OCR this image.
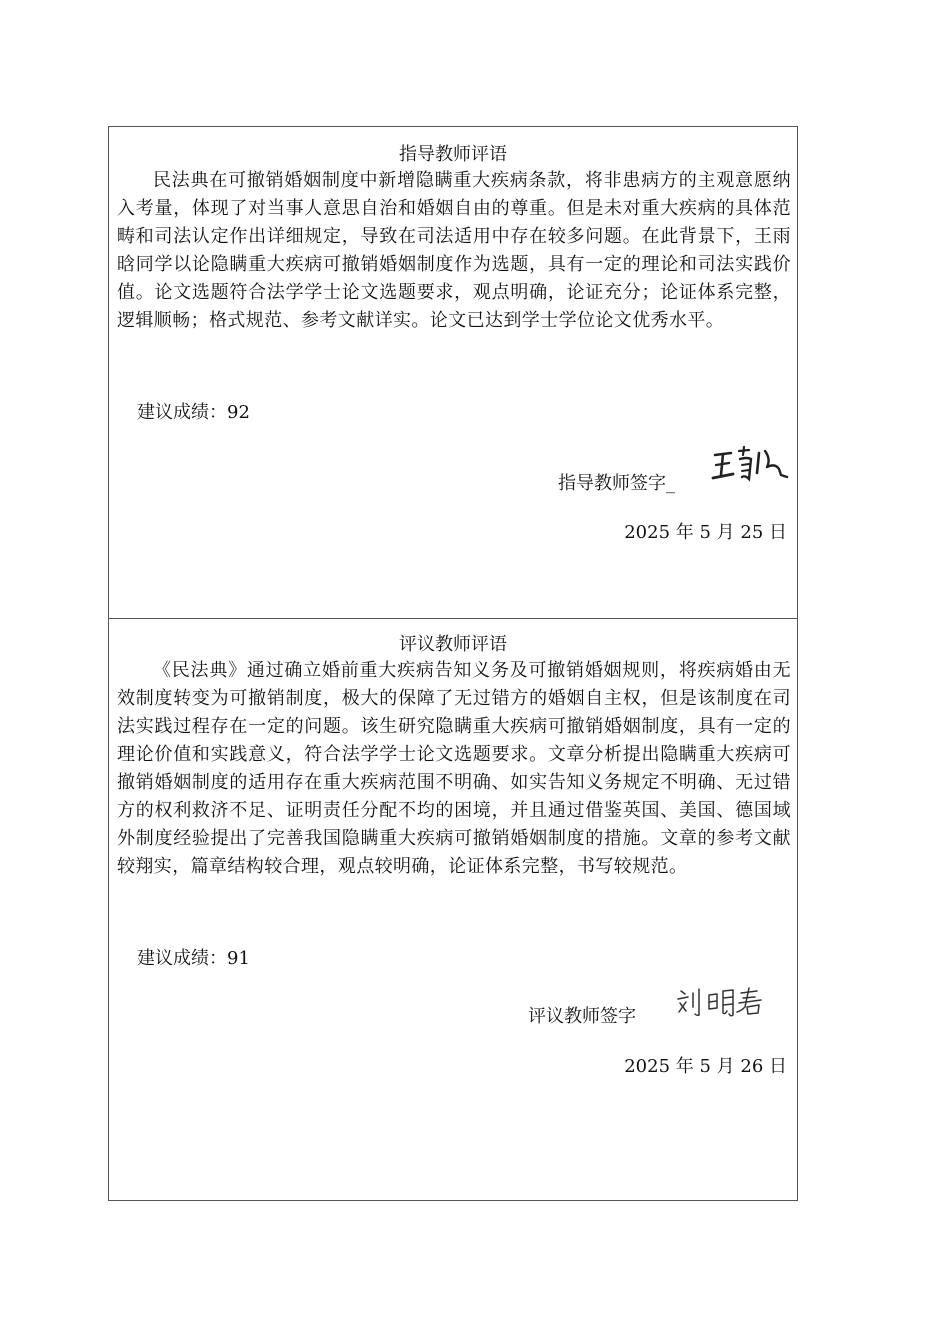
指导教师评语
民法典在可撤销婚姻制度中新增隐瞒重大疾病条款，将非患病方的主观意愿纳入考量，体现了对当事人意思自治和婚姻自由的尊重。但是未对重大疾病的具体范畴和司法认定作出详细规定，导致在司法适用中存在较多问题。在此背景下，王雨晗同学以论隐瞒重大疾病可撤销婚姻制度作为选题，具有一定的理论和司法实践价值。论文选题符合法学学士论文选题要求，观点明确，论证充分；论证体系完整，逻辑顺畅；格式规范、参考文献详实。论文已达到学士学位论文优秀水平。
建议成绩：92
指导教师签字_
2025 年 5 月 25 日
评议教师评语
《民法典》通过确立婚前重大疾病告知义务及可撤销婚姻规则，将疾病婚由无效制度转变为可撤销制度，极大的保障了无过错方的婚姻自主权，但是该制度在司法实践过程存在一定的问题。该生研究隐瞒重大疾病可撤销婚姻制度，具有一定的理论价值和实践意义，符合法学学士论文选题要求。文章分析提出隐瞒重大疾病可撤销婚姻制度的适用存在重大疾病范围不明确、如实告知义务规定不明确、无过错方的权利救济不足、证明责任分配不均的困境，并且通过借鉴英国、美国、德国域外制度经验提出了完善我国隐瞒重大疾病可撤销婚姻制度的措施。文章的参考文献较翔实，篇章结构较合理，观点较明确，论证体系完整，书写较规范。
建议成绩：91
评议教师签字
2025 年 5 月 26 日
